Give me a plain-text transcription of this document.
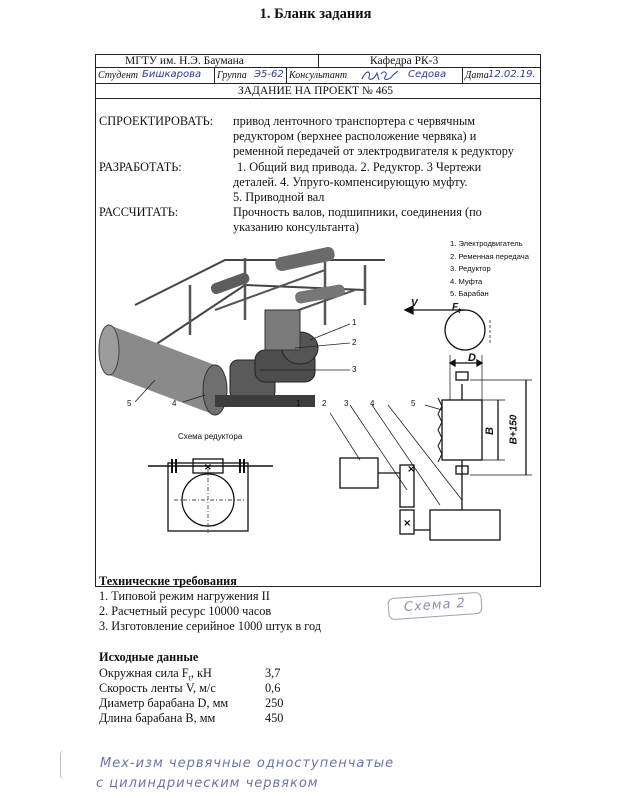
1. Бланк задания
МГТУ им. Н.Э. Баумана	Кафедра РК-3
Студент Бишкарова Группа Э5-62 Консультант	Седова Дата 12.02.19.
ЗАДАНИЕ НА ПРОЕКТ № 465
СПРОЕКТИРОВАТЬ: привод ленточного транспортера с червячным
редуктором (верхнее расположение червяка) и
ременной передачей от электродвигателя к редуктору
РАЗРАБОТАТЬ:	1. Общий вид привода. 2. Редуктор. 3 Чертежи
деталей. 4. Упруго-компенсирующую муфту.
5. Приводной вал
РАССЧИТАТЬ:	Прочность валов, подшипники, соединения (по
указанию консультанта)
1. Электродвигатель
2. Ременная передача
3. Редуктор
4. Муфта
5. Барабан
1
2
3
4
5
Схема редуктора
×	×
×
V	$F_t$
D
B B+150
1	2 3	4	5
Технические требования
1. Типовой режим нагружения II
2. Расчетный ресурс 10000 часов
3. Изготовление серийное 1000 штук в год
Схема 2
Исходные данные
Окружная сила $F_t$, кН	3,7
Скорость ленты V, м/с	0,6
Диаметр барабана D, мм	250
Длина барабана B, мм	450
Мех-изм червячные одноступенчатые
с цилиндрическим червяком
